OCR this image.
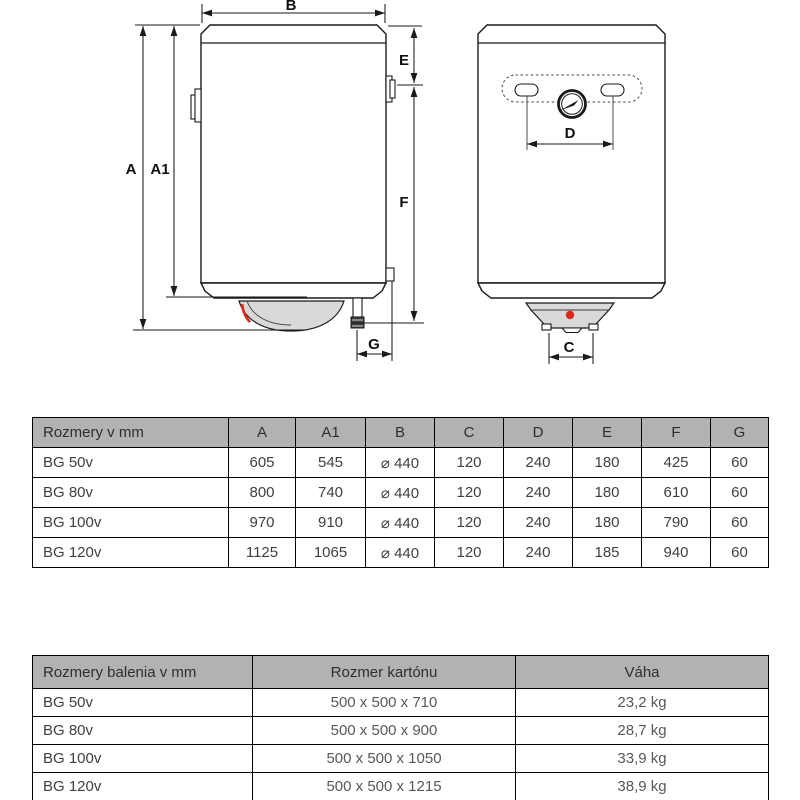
B
A A1
E
F
G
D
C
Rozmery v mm	A	A1	B	C	D	E	F	G
BG 50v	605	545	⌀ 440	120	240	180	425	60
BG 80v	800	740	⌀ 440	120	240	180	610	60
BG 100v	970	910	⌀ 440	120	240	180	790	60
BG 120v	1125	1065	⌀ 440	120	240	185	940	60
Rozmery balenia v mm	Rozmer kartónu	Váha
BG 50v	500 x 500 x 710	23,2 kg
BG 80v	500 x 500 x 900	28,7 kg
BG 100v	500 x 500 x 1050	33,9 kg
BG 120v	500 x 500 x 1215	38,9 kg
